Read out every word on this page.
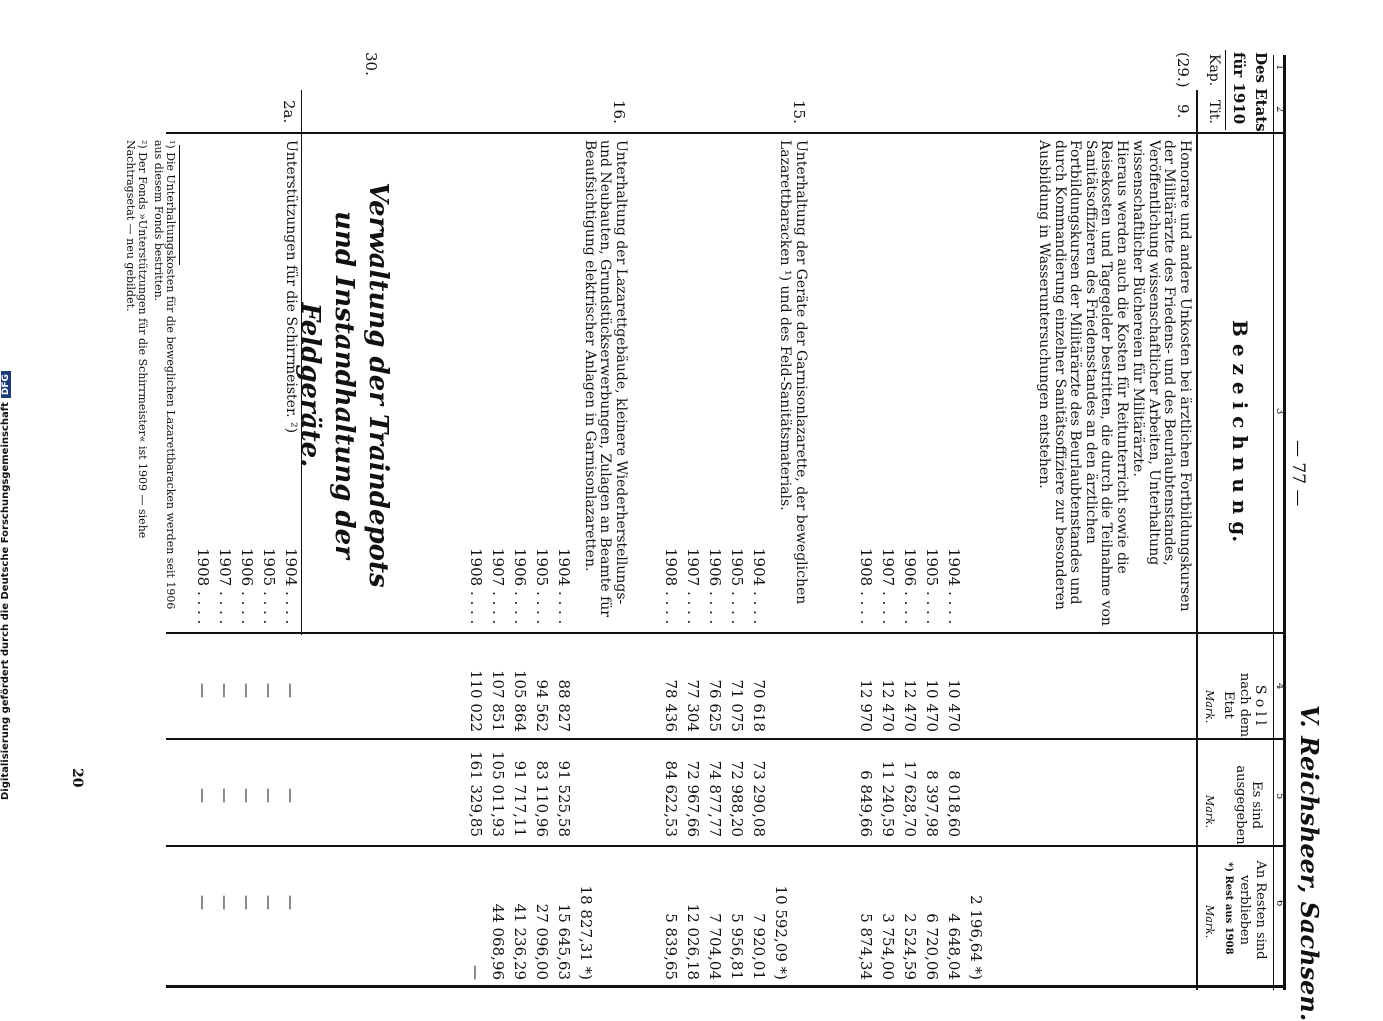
Digitalisierung gefördert durch die Deutsche ForschungsgemeinschaftDFG
— 77 —
V. Reichsheer, Sachsen.
1
2
3
4
5
6
Des Etats
für 1910
Kap.
Tit.
B e z e i c h n u n g.
S o l l
nach dem Etat
Es sind ausgegeben
An Resten sind verblieben
*) Rest aus 1908
Mark.
Mark.
Mark.
(29.)
9.
Honorare und andere Unkosten bei ärztlichen Fortbildungskursen der Militärärzte des Friedens- und des Beurlaubtenstandes, Veröffentlichung wissenschaftlicher Arbeiten, Unterhaltung wissenschaftlicher Büchereien für Militärärzte.
Hieraus werden auch die Kosten für Reitunterricht sowie die Reisekosten und Tagegelder bestritten, die durch die Teilnahme von Sanitätsoffizieren des Friedensstandes an den ärztlichen Fortbildungskursen der Militärärzte des Beurlaubtenstandes und durch Kommandierung einzelner Sanitätsoffiziere zur besonderen Ausbildung in Wasseruntersuchungen entstehen.
1904 . . . .
1905 . . . .
1906 . . . .
1907 . . . .
1908 . . . .
10 470
10 470
12 470
12 470
12 970
8 018,60
8 397,98
17 628,70
11 240,59
6 849,66
2 196,64 *)
4 648,04
6 720,06
2 524,59
3 754,00
5 874,34
15.
Unterhaltung der Geräte der Garnisonlazarette, der beweglichen Lazarettbaracken ¹) und des Feld-Sanitätsmaterials.
1904 . . . .
1905 . . . .
1906 . . . .
1907 . . . .
1908 . . . .
70 618
71 075
76 625
77 304
78 436
73 290,08
72 988,20
74 877,77
72 967,66
84 622,53
10 592,09 *)
7 920,01
5 956,81
7 704,04
12 026,18
5 839,65
16.
Unterhaltung der Lazarettgebäude, kleinere Wiederherstellungs- und Neubauten, Grundstückserwerbungen, Zulagen an Beamte für Beaufsichtigung elektrischer Anlagen in Garnisonlazaretten.
1904 . . . .
1905 . . . .
1906 . . . .
1907 . . . .
1908 . . . .
88 827
94 562
105 864
107 851
110 022
91 525,58
83 110,96
91 717,11
105 011,93
161 329,85
18 827,31 *)
15 645,63
27 096,00
41 236,29
44 068,96
—
30.
Verwaltung der Traindepots und Instandhaltung der Feldgeräte.
2a.
Unterstützungen für die Schirrmeister. ²)
1904 . . . .
1905 . . . .
1906 . . . .
1907 . . . .
1908 . . . .
—
—
—
—
—
—
—
—
—
—
—
—
—
—
—
¹) Die Unterhaltungskosten für die beweglichen Lazarettbaracken werden seit 1906 aus diesem Fonds bestritten.
²) Der Fonds »Unterstützungen für die Schirrmeister« ist 1909 — siehe Nachtragsetat — neu gebildet.
20
